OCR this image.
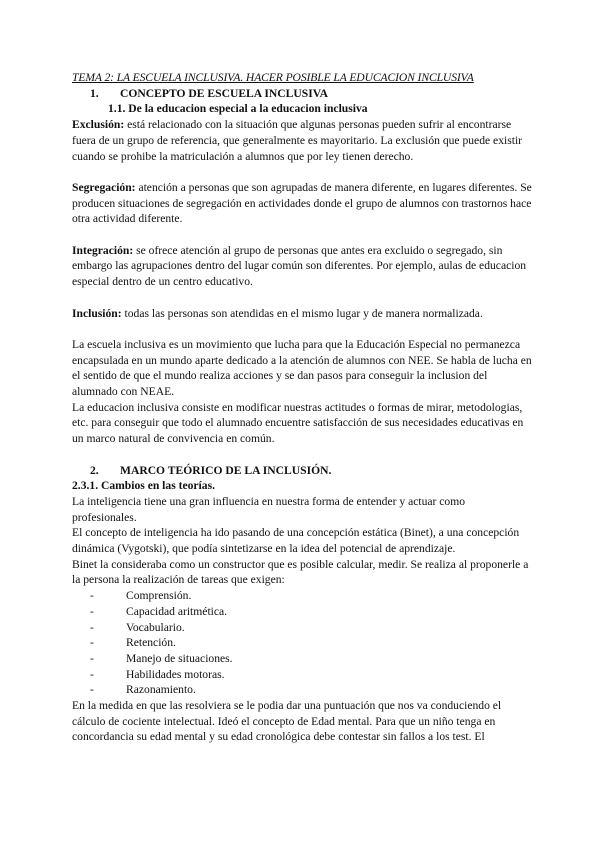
TEMA 2: LA ESCUELA INCLUSIVA. HACER POSIBLE LA EDUCACION INCLUSIVA

1. CONCEPTO DE ESCUELA INCLUSIVA

1.1. De la educacion especial a la educacion inclusiva

Exclusión: está relacionado con la situación que algunas personas pueden sufrir al encontrarse fuera de un grupo de referencia, que generalmente es mayoritario. La exclusión que puede existir cuando se prohibe la matriculación a alumnos que por ley tienen derecho.

Segregación: atención a personas que son agrupadas de manera diferente, en lugares diferentes. Se producen situaciones de segregación en actividades donde el grupo de alumnos con trastornos hace otra actividad diferente.

Integración: se ofrece atención al grupo de personas que antes era excluido o segregado, sin embargo las agrupaciones dentro del lugar común son diferentes. Por ejemplo, aulas de educacion especial dentro de un centro educativo.

Inclusión: todas las personas son atendidas en el mismo lugar y de manera normalizada.

La escuela inclusiva es un movimiento que lucha para que la Educación Especial no permanezca encapsulada en un mundo aparte dedicado a la atención de alumnos con NEE. Se habla de lucha en el sentido de que el mundo realiza acciones y se dan pasos para conseguir la inclusion del alumnado con NEAE.

La educacion inclusiva consiste en modificar nuestras actitudes o formas de mirar, metodologias, etc. para conseguir que todo el alumnado encuentre satisfacción de sus necesidades educativas en un marco natural de convivencia en común.

2. MARCO TEÓRICO DE LA INCLUSIÓN.

2.3.1. Cambios en las teorías.

La inteligencia tiene una gran influencia en nuestra forma de entender y actuar como profesionales.

El concepto de inteligencia ha ido pasando de una concepción estática (Binet), a una concepción dinámica (Vygotski), que podía sintetizarse en la idea del potencial de aprendizaje.

Binet la consideraba como un constructor que es posible calcular, medir. Se realiza al proponerle a la persona la realización de tareas que exigen:

-	Comprensión.
-	Capacidad aritmética.
-	Vocabulario.
-	Retención.
-	Manejo de situaciones.
-	Habilidades motoras.
-	Razonamiento.

En la medida en que las resolviera se le podia dar una puntuación que nos va conduciendo el cálculo de cociente intelectual. Ideó el concepto de Edad mental. Para que un niño tenga en concordancia su edad mental y su edad cronológica debe contestar sin fallos a los test. El
